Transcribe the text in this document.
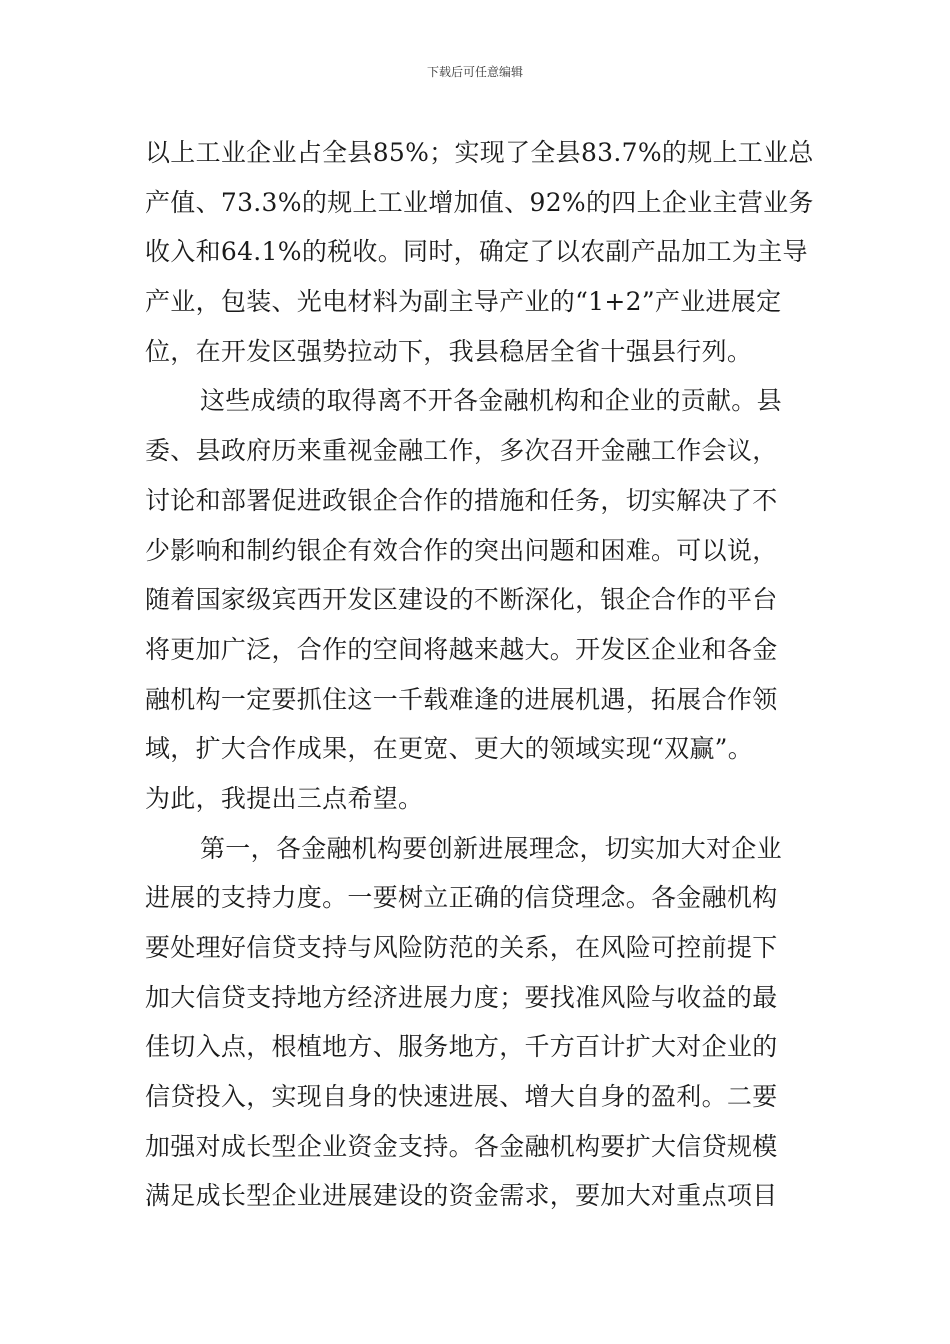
下载后可任意编辑
以上工业企业占全县85%；实现了全县83.7%的规上工业总
产值、73.3%的规上工业增加值、92%的四上企业主营业务
收入和64.1%的税收。同时，确定了以农副产品加工为主导
产业，包装、光电材料为副主导产业的“1+2”产业进展定
位，在开发区强势拉动下，我县稳居全省十强县行列。
这些成绩的取得离不开各金融机构和企业的贡献。县
委、县政府历来重视金融工作，多次召开金融工作会议，
讨论和部署促进政银企合作的措施和任务，切实解决了不
少影响和制约银企有效合作的突出问题和困难。可以说，
随着国家级宾西开发区建设的不断深化，银企合作的平台
将更加广泛，合作的空间将越来越大。开发区企业和各金
融机构一定要抓住这一千载难逢的进展机遇，拓展合作领
域，扩大合作成果，在更宽、更大的领域实现“双赢”。
为此，我提出三点希望。
第一，各金融机构要创新进展理念，切实加大对企业
进展的支持力度。一要树立正确的信贷理念。各金融机构
要处理好信贷支持与风险防范的关系，在风险可控前提下
加大信贷支持地方经济进展力度；要找准风险与收益的最
佳切入点，根植地方、服务地方，千方百计扩大对企业的
信贷投入，实现自身的快速进展、增大自身的盈利。二要
加强对成长型企业资金支持。各金融机构要扩大信贷规模
满足成长型企业进展建设的资金需求，要加大对重点项目
